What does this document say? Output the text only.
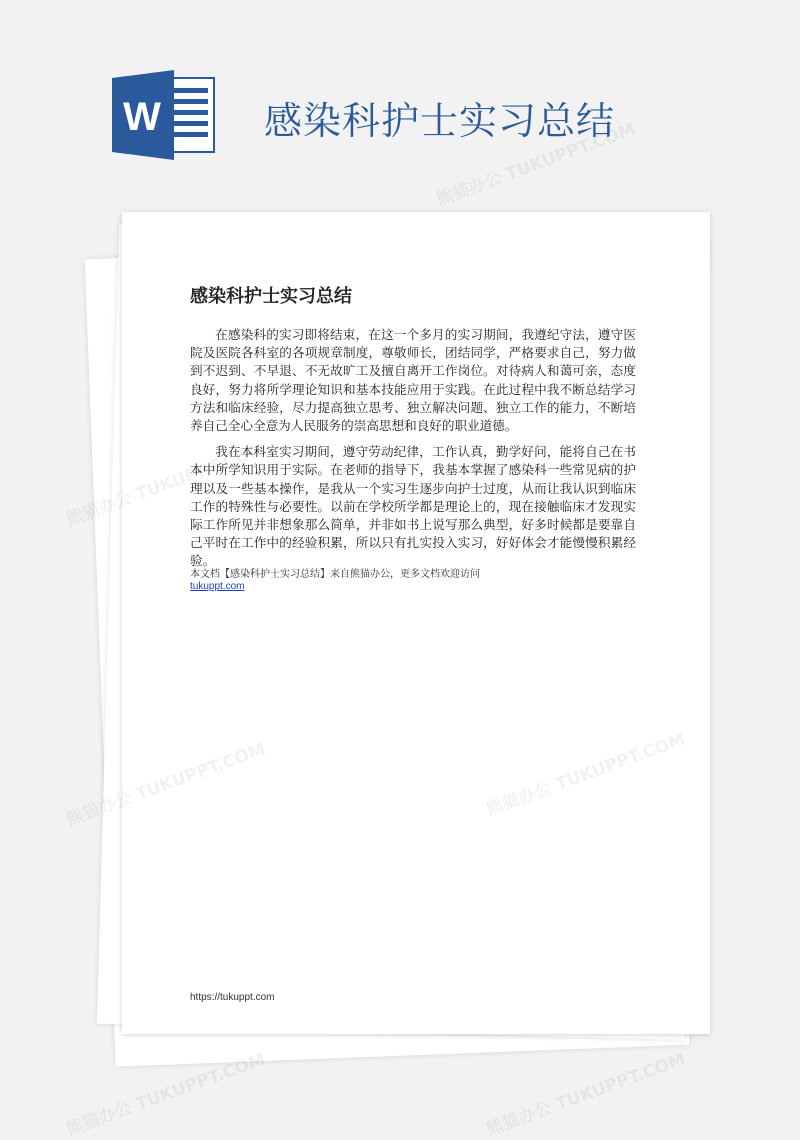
W	感染科护士实习总结
感染科护士实习总结

在感染科的实习即将结束，在这一个多月的实习期间，我遵纪守法，遵守医院及医院各科室的各项规章制度，尊敬师长，团结同学，严格要求自己，努力做到不迟到、不早退、不无故旷工及擅自离开工作岗位。对待病人和蔼可亲，态度良好，努力将所学理论知识和基本技能应用于实践。在此过程中我不断总结学习方法和临床经验，尽力提高独立思考、独立解决问题、独立工作的能力，不断培养自己全心全意为人民服务的崇高思想和良好的职业道德。

我在本科室实习期间，遵守劳动纪律，工作认真，勤学好问，能将自己在书本中所学知识用于实际。在老师的指导下，我基本掌握了感染科一些常见病的护理以及一些基本操作，是我从一个实习生逐步向护士过度，从而让我认识到临床工作的特殊性与必要性。以前在学校所学都是理论上的，现在接触临床才发现实际工作所见并非想象那么简单，并非如书上说写那么典型，好多时候都是要靠自己平时在工作中的经验积累，所以只有扎实投入实习，好好体会才能慢慢积累经验。

本文档【感染科护士实习总结】来自熊猫办公，更多文档欢迎访问
tukuppt.com
https://tukuppt.com
熊猫办公 TUKUPPT.COM
熊猫办公
熊猫办公 TUKUPPT.COM	熊猫办公 TUKUPPT.COM
